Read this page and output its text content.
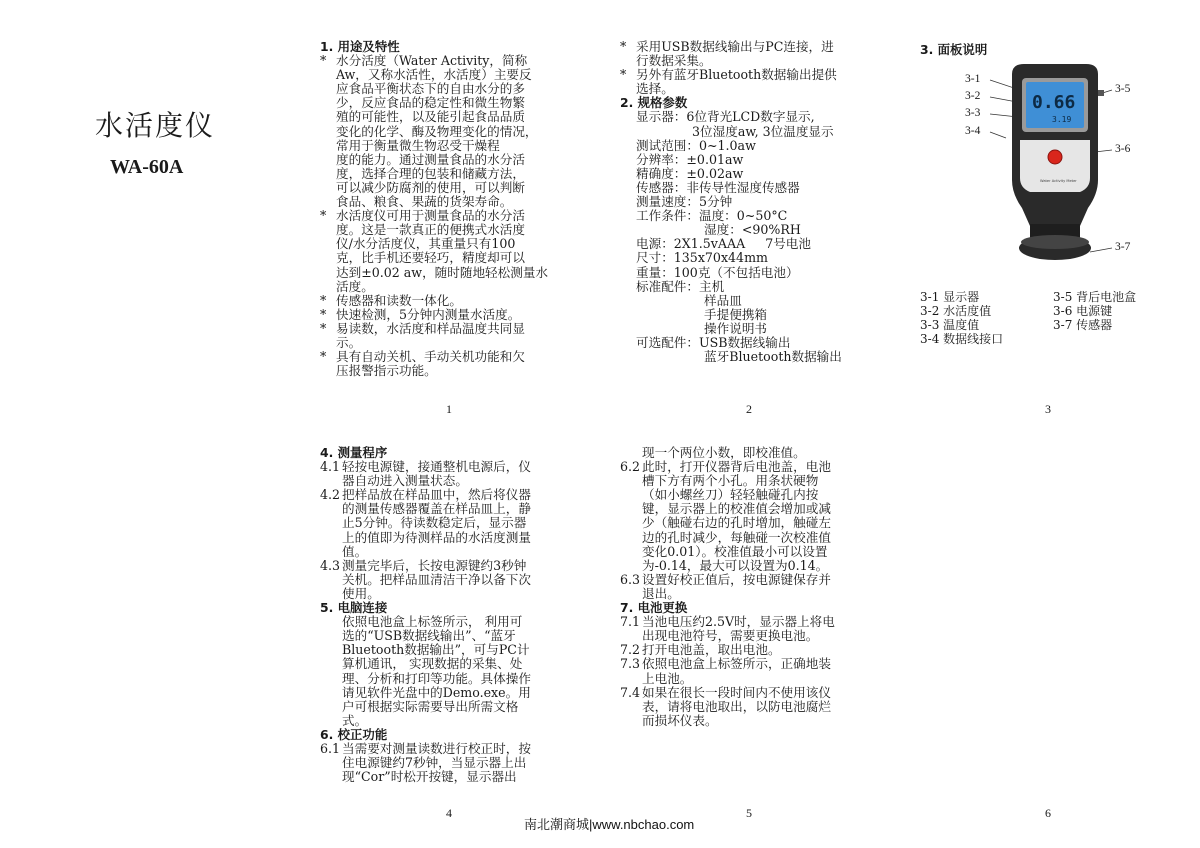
水活度仪
WA-60A
1. 用途及特性
* 水分活度（Water Activity，简称
Aw，又称水活性，水活度）主要反
应食品平衡状态下的自由水分的多
少，反应食品的稳定性和微生物繁
殖的可能性，以及能引起食品品质
变化的化学、酶及物理变化的情况，
常用于衡量微生物忍受干燥程
度的能力。通过测量食品的水分活
度，选择合理的包装和储藏方法，
可以减少防腐剂的使用，可以判断
食品、粮食、果蔬的货架寿命。
* 水活度仪可用于测量食品的水分活
度。这是一款真正的便携式水活度
仪/水分活度仪，其重量只有100
克，比手机还要轻巧，精度却可以
达到±0.02 aw，随时随地轻松测量水
活度。
* 传感器和读数一体化。
* 快速检测，5分钟内测量水活度。
* 易读数，水活度和样品温度共同显
示。
* 具有自动关机、手动关机功能和欠
压报警指示功能。
1
* 采用USB数据线输出与PC连接，进
行数据采集。
* 另外有蓝牙Bluetooth数据输出提供
选择。
2. 规格参数
显示器：6位背光LCD数字显示,
3位湿度aw, 3位温度显示
测试范围：0~1.0aw
分辨率：±0.01aw
精确度：±0.02aw
传感器：非传导性湿度传感器
测量速度：5分钟
工作条件：温度：0~50°C
湿度：<90%RH
电源：2X1.5vAAA     7号电池
尺寸：135x70x44mm
重量：100克（不包括电池）
标准配件：主机
样品皿
手提便携箱
操作说明书
可选配件：USB数据线输出
蓝牙Bluetooth数据输出
2
3. 面板说明
0.66
3.19
Water Activity Meter
3-1
3-2
3-3
3-4
3-5
3-6
3-7
3-1 显示器
3-2 水活度值
3-3 温度值
3-4 数据线接口
3-5 背后电池盒
3-6 电源键
3-7 传感器
3
4. 测量程序
4.1 轻按电源键，接通整机电源后，仪
器自动进入测量状态。
4.2 把样品放在样品皿中，然后将仪器
的测量传感器覆盖在样品皿上，静
止5分钟。待读数稳定后，显示器
上的值即为待测样品的水活度测量
值。
4.3 测量完毕后，长按电源键约3秒钟
关机。把样品皿清洁干净以备下次
使用。
5. 电脑连接
依照电池盒上标签所示， 利用可
选的“USB数据线输出”、“蓝牙
Bluetooth数据输出”，可与PC计
算机通讯， 实现数据的采集、处
理、分析和打印等功能。具体操作
请见软件光盘中的Demo.exe。用
户可根据实际需要导出所需文格
式。
6. 校正功能
6.1 当需要对测量读数进行校正时，按
住电源键约7秒钟，当显示器上出
现“Cor”时松开按键，显示器出
4
现一个两位小数，即校准值。
6.2 此时，打开仪器背后电池盖，电池
槽下方有两个小孔。用条状硬物
（如小螺丝刀）轻轻触碰孔内按
键，显示器上的校准值会增加或减
少（触碰右边的孔时增加，触碰左
边的孔时减少，每触碰一次校准值
变化0.01）。校准值最小可以设置
为-0.14，最大可以设置为0.14。
6.3 设置好校正值后，按电源键保存并
退出。
7. 电池更换
7.1 当池电压约2.5V时，显示器上将电
出现电池符号，需要更换电池。
7.2 打开电池盖，取出电池。
7.3 依照电池盒上标签所示，正确地装
上电池。
7.4 如果在很长一段时间内不使用该仪
表，请将电池取出，以防电池腐烂
而损坏仪表。
5	6
南北潮商城|www.nbchao.com
